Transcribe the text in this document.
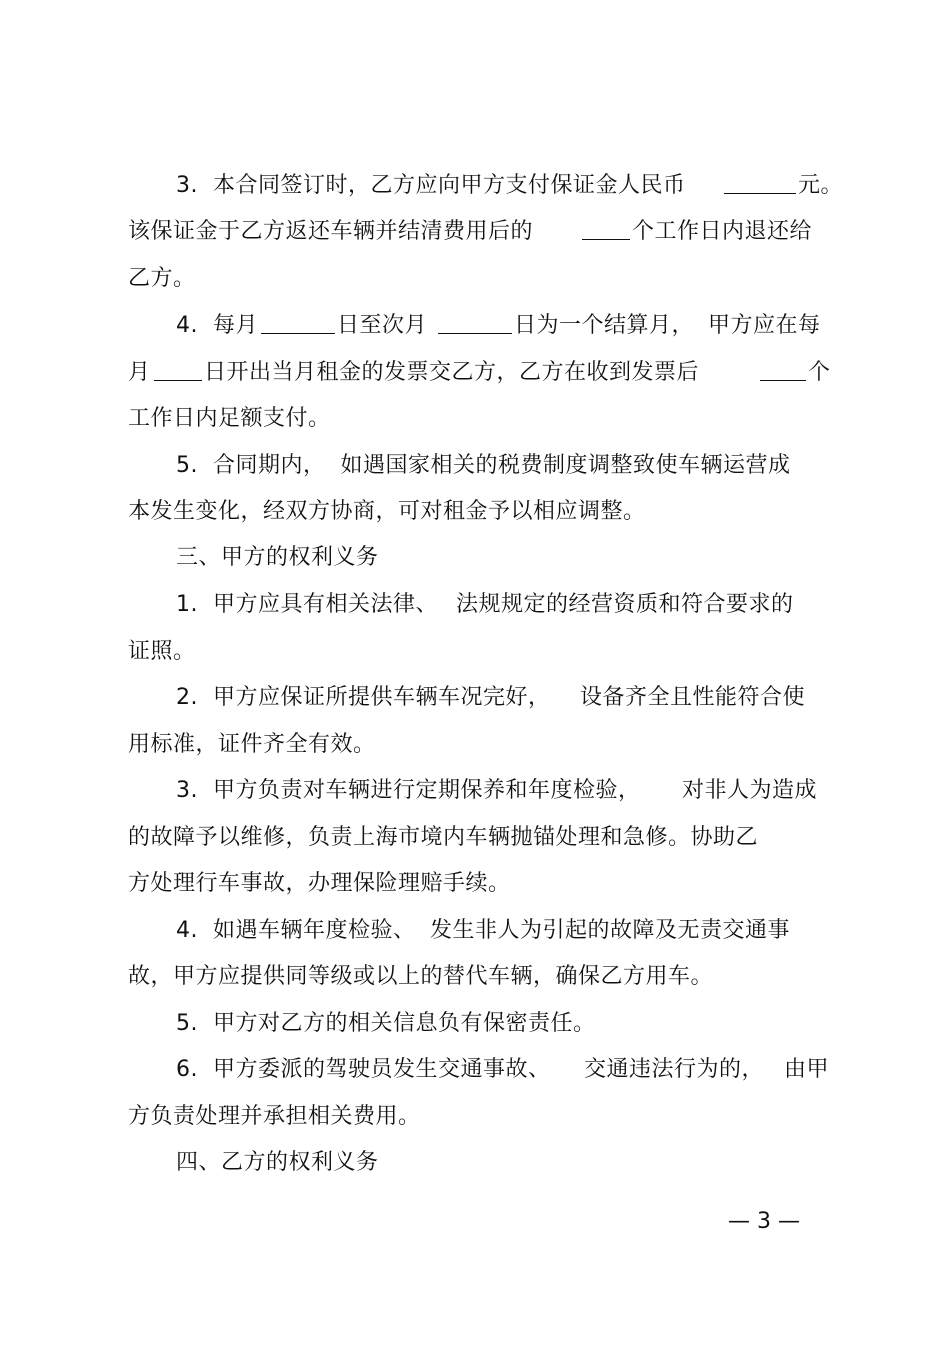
3.  本合同签订时，乙方应向甲方支付保证金人民币	元。
该保证金于乙方返还车辆并结清费用后的	个工作日内退还给
乙方。
4.  每月	日至次月	日为一个结算月， 甲方应在每
月 日开出当月租金的发票交乙方，乙方在收到发票后	个
工作日内足额支付。
5.  合同期内，  如遇国家相关的税费制度调整致使车辆运营成
本发生变化，经双方协商，可对租金予以相应调整。
三、甲方的权利义务
1.  甲方应具有相关法律、 法规规定的经营资质和符合要求的
证照。
2.  甲方应保证所提供车辆车况完好， 设备齐全且性能符合使
用标准，证件齐全有效。
3.  甲方负责对车辆进行定期保养和年度检验， 对非人为造成
的故障予以维修，负责上海市境内车辆抛锚处理和急修。协助乙
方处理行车事故，办理保险理赔手续。
4.  如遇车辆年度检验、 发生非人为引起的故障及无责交通事
故，甲方应提供同等级或以上的替代车辆，确保乙方用车。
5.  甲方对乙方的相关信息负有保密责任。
6.  甲方委派的驾驶员发生交通事故、 交通违法行为的， 由甲
方负责处理并承担相关费用。
四、乙方的权利义务
— 3 —
